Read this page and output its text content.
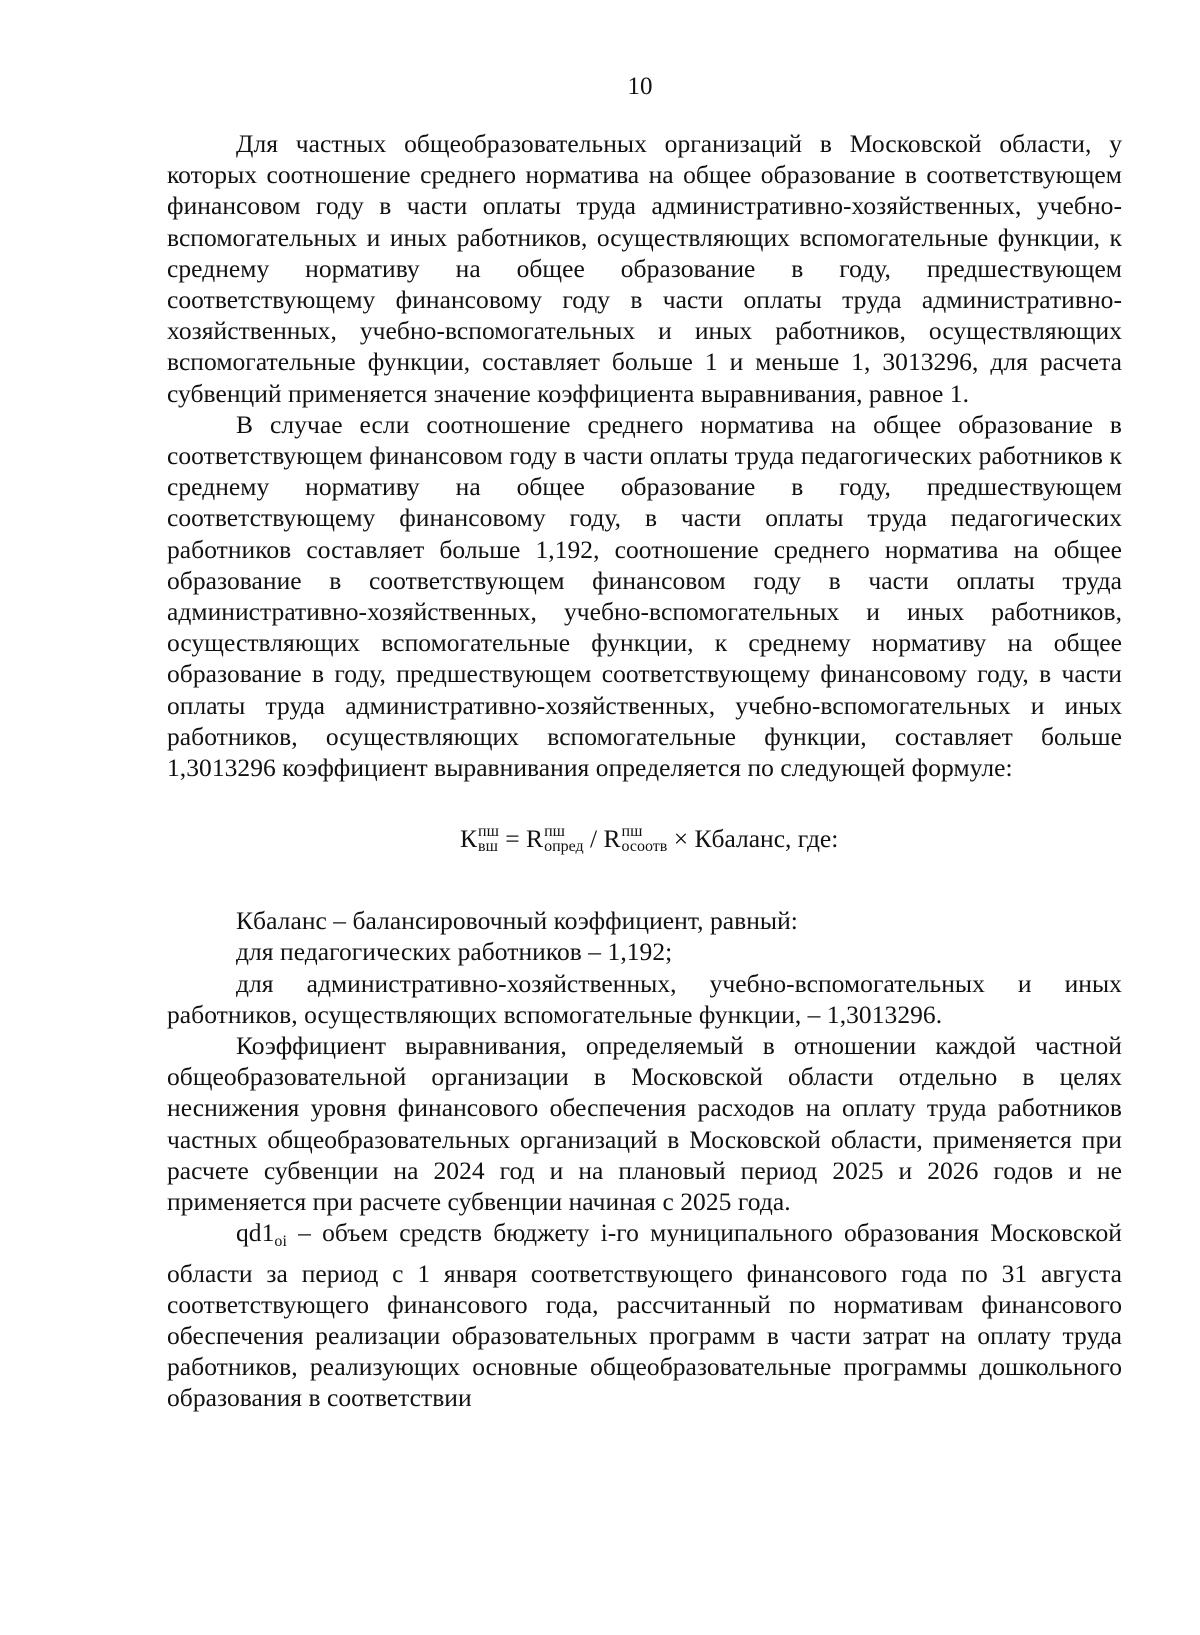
10

Для частных общеобразовательных организаций в Московской области, у которых соотношение среднего норматива на общее образование в соответствующем финансовом году в части оплаты труда административно-хозяйственных, учебно-вспомогательных и иных работников, осуществляющих вспомогательные функции, к среднему нормативу на общее образование в году, предшествующем соответствующему финансовому году в части оплаты труда административно-хозяйственных, учебно-вспомогательных и иных работников, осуществляющих вспомогательные функции, составляет больше 1 и меньше 1, 3013296, для расчета субвенций применяется значение коэффициента выравнивания, равное 1.

В случае если соотношение среднего норматива на общее образование в соответствующем финансовом году в части оплаты труда педагогических работников к среднему нормативу на общее образование в году, предшествующем соответствующему финансовому году, в части оплаты труда педагогических работников составляет больше 1,192, соотношение среднего норматива на общее образование в соответствующем финансовом году в части оплаты труда административно-хозяйственных, учебно-вспомогательных и иных работников, осуществляющих вспомогательные функции, к среднему нормативу на общее образование в году, предшествующем соответствующему финансовому году, в части оплаты труда административно-хозяйственных, учебно-вспомогательных и иных работников, осуществляющих вспомогательные функции, составляет больше 1,3013296 коэффициент выравнивания определяется по следующей формуле:

К пш
вш = R пш
опред / R пш
осоотв × Кбаланс, где:

Кбаланс – балансировочный коэффициент, равный:

для педагогических работников – 1,192;

для административно-хозяйственных, учебно-вспомогательных и иных работников, осуществляющих вспомогательные функции, – 1,3013296.

Коэффициент выравнивания, определяемый в отношении каждой частной общеобразовательной организации в Московской области отдельно в целях неснижения уровня финансового обеспечения расходов на оплату труда работников частных общеобразовательных организаций в Московской области, применяется при расчете субвенции на 2024 год и на плановый период 2025 и 2026 годов и не применяется при расчете субвенции начиная с 2025 года.

$qd1_{oi}$ – объем средств бюджету i-го муниципального образования Московской области за период с 1 января соответствующего финансового года по 31 августа соответствующего финансового года, рассчитанный по нормативам финансового обеспечения реализации образовательных программ в части затрат на оплату труда работников, реализующих основные общеобразовательные программы дошкольного образования в соответствии
